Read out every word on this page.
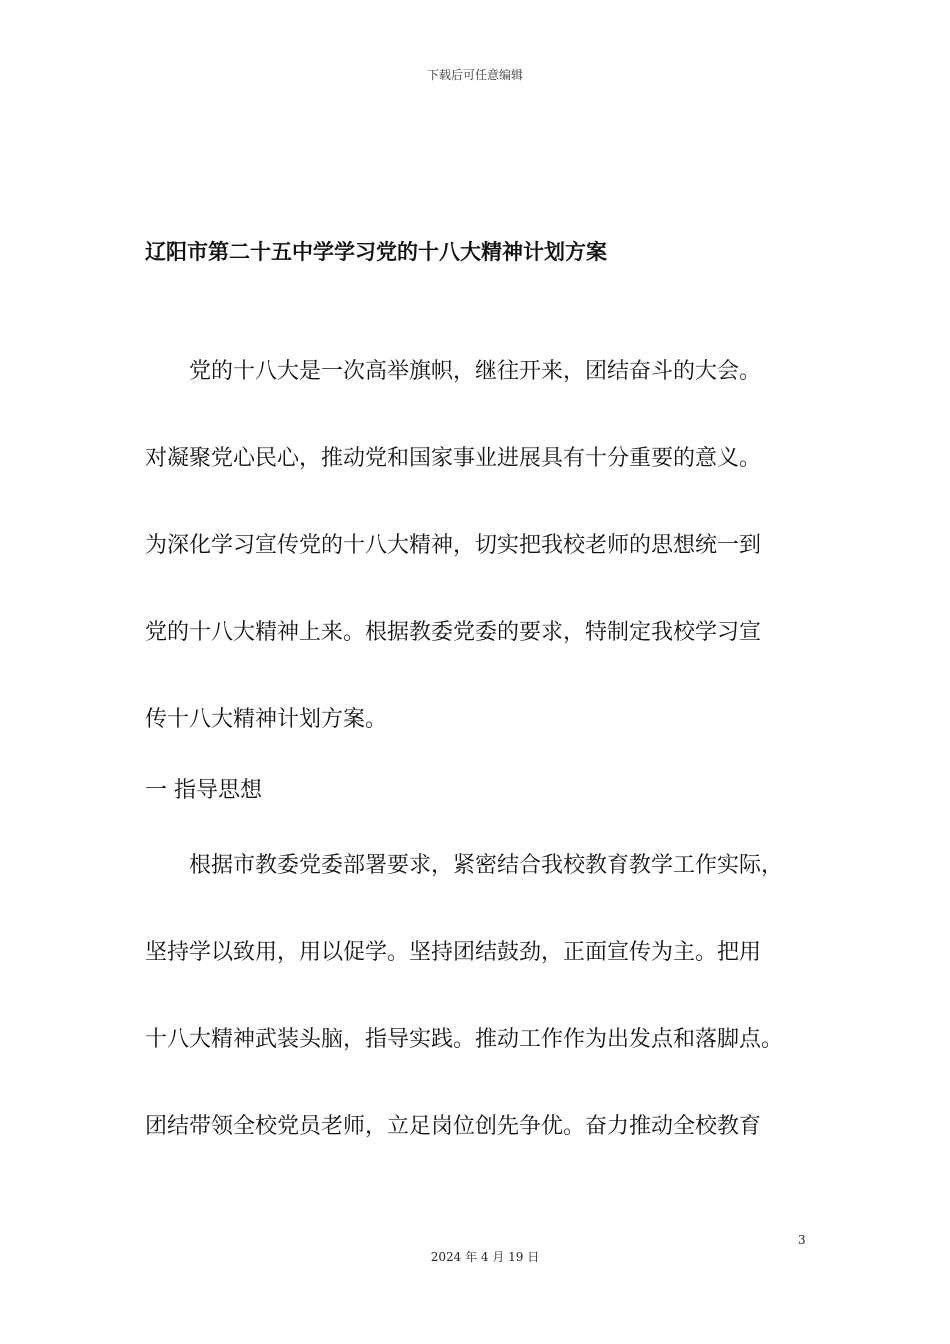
下载后可任意编辑
辽阳市第二十五中学学习党的十八大精神计划方案
党的十八大是一次高举旗帜，继往开来，团结奋斗的大会。
对凝聚党心民心，推动党和国家事业进展具有十分重要的意义。
为深化学习宣传党的十八大精神，切实把我校老师的思想统一到
党的十八大精神上来。根据教委党委的要求，特制定我校学习宣
传十八大精神计划方案。
一 指导思想
根据市教委党委部署要求，紧密结合我校教育教学工作实际，
坚持学以致用，用以促学。坚持团结鼓劲，正面宣传为主。把用
十八大精神武装头脑，指导实践。推动工作作为出发点和落脚点。
团结带领全校党员老师，立足岗位创先争优。奋力推动全校教育
3
2024 年 4 月 19 日
